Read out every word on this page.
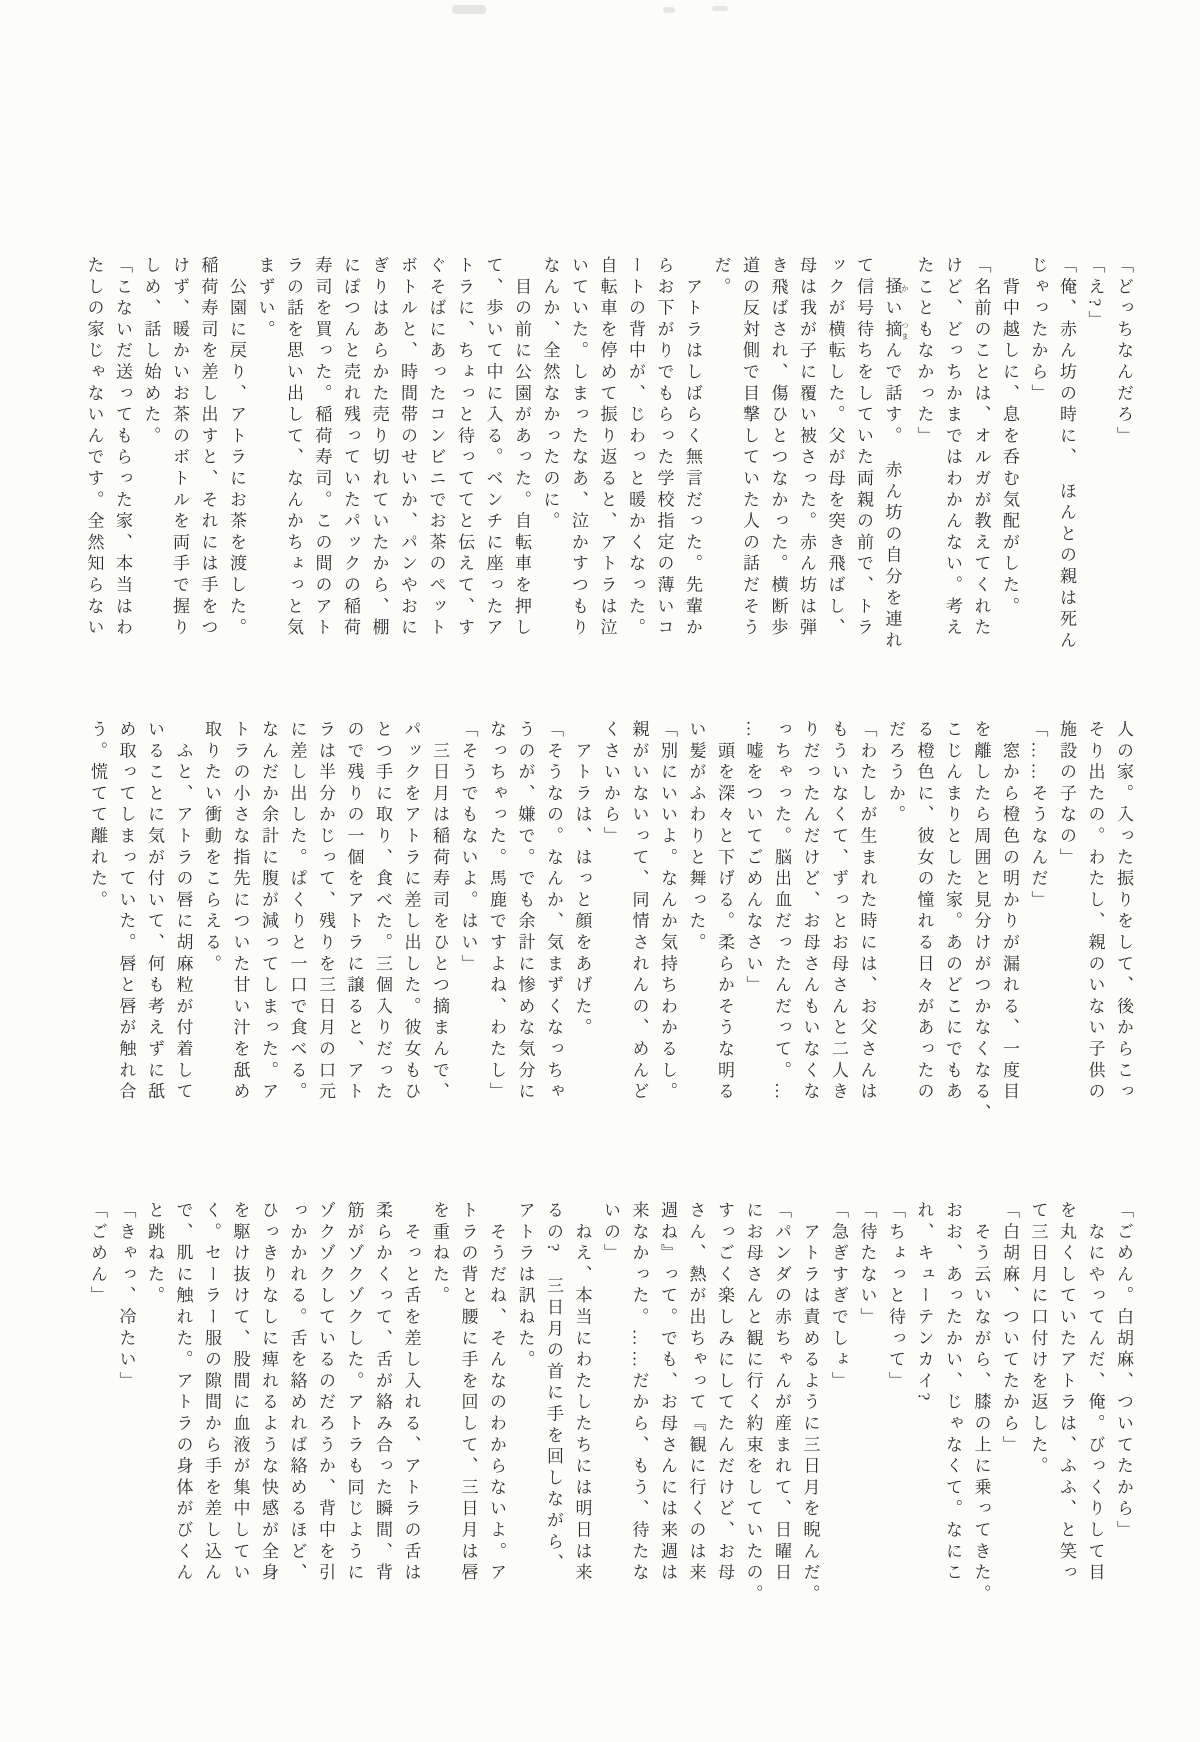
「どっちなんだろ」
「え?」
「俺、赤ん坊の時に、　ほんとの親は死ん
じゃったから」
　背中越しに、息を呑む気配がした。
「名前のことは、オルガが教えてくれた
けど、どっちかまではわかんない。考え
たこともなかった」
　掻 かい摘 つまんで話す。　赤ん坊の自分を連れ
て信号待ちをしていた両親の前で、トラ
ックが横転した。父が母を突き飛ばし、
母は我が子に覆い被さった。赤ん坊は弾
き飛ばされ、傷ひとつなかった。横断歩
道の反対側で目撃していた人の話だそう
だ。
　アトラはしばらく無言だった。先輩か
らお下がりでもらった学校指定の薄いコ
ートの背中が、じわっと暖かくなった。
自転車を停めて振り返ると、アトラは泣
いていた。しまったなあ、泣かすつもり
なんか、全然なかったのに。
　目の前に公園があった。自転車を押し
て、歩いて中に入る。ベンチに座ったア
トラに、ちょっと待っててと伝えて、す
ぐそばにあったコンビニでお茶のペット
ボトルと、時間帯のせいか、パンやおに
ぎりはあらかた売り切れていたから、棚
にぽつんと売れ残っていたパックの稲荷
寿司を買った。稲荷寿司。この間のアト
ラの話を思い出して、なんかちょっと気
まずい。
　公園に戻り、アトラにお茶を渡した。
稲荷寿司を差し出すと、それには手をつ
けず、暖かいお茶のボトルを両手で握り
しめ、話し始めた。
「こないだ送ってもらった家、本当はわ
たしの家じゃないんです。全然知らない
人の家。入った振りをして、後からこっ
そり出たの。わたし、親のいない子供の
施設の子なの」
「……そうなんだ」
　窓から橙色の明かりが漏れる、一度目
を離したら周囲と見分けがつかなくなる、
こじんまりとした家。あのどこにでもあ
る橙色に、彼女の憧れる日々があったの
だろうか。
「わたしが生まれた時には、お父さんは
もういなくて、ずっとお母さんと二人き
りだったんだけど、お母さんもいなくな
っちゃった。脳出血だったんだって。…
…嘘をついてごめんなさい」
　頭を深々と下げる。柔らかそうな明る
い髪がふわりと舞った。
「別にいいよ。なんか気持ちわかるし。
親がいないって、同情されんの、めんど
くさいから」
　アトラは、はっと顔をあげた。
「そうなの。なんか、気まずくなっちゃ
うのが、嫌で。でも余計に惨めな気分に
なっちゃった。馬鹿ですよね、わたし」
「そうでもないよ。はい」
　三日月は稲荷寿司をひとつ摘まんで、
パックをアトラに差し出した。彼女もひ
とつ手に取り、食べた。三個入りだった
ので残りの一個をアトラに譲ると、アト
ラは半分かじって、残りを三日月の口元
に差し出した。ぱくりと一口で食べる。
なんだか余計に腹が減ってしまった。ア
トラの小さな指先についた甘い汁を舐め
取りたい衝動をこらえる。
　ふと、アトラの唇に胡麻粒が付着して
いることに気が付いて、何も考えずに舐
め取ってしまっていた。唇と唇が触れ合
う。慌てて離れた。
「ごめん。白胡麻、ついてたから」
　なにやってんだ、俺。びっくりして目
を丸くしていたアトラは、ふふ、と笑っ
て三日月に口付けを返した。
「白胡麻、ついてたから」
　そう云いながら、膝の上に乗ってきた。
おお、あったかい、じゃなくて。なにこ
れ、キューテンカイ?
「ちょっと待って」
「待たない」
「急ぎすぎでしょ」
　アトラは責めるように三日月を睨んだ。
「パンダの赤ちゃんが産まれて、日曜日
にお母さんと観に行く約束をしていたの。
すっごく楽しみにしてたんだけど、お母
さん、熱が出ちゃって『観に行くのは来
週ね』って。でも、お母さんには来週は
来なかった。……だから、もう、待たな
いの」
　ねえ、本当にわたしたちには明日は来
るの?　三日月の首に手を回しながら、
アトラは訊ねた。
　そうだね、そんなのわからないよ。ア
トラの背と腰に手を回して、三日月は唇
を重ねた。
　そっと舌を差し入れる、アトラの舌は
柔らかくって、舌が絡み合った瞬間、背
筋がゾクゾクした。アトラも同じように
ゾクゾクしているのだろうか、背中を引
っかかれる。舌を絡めれば絡めるほど、
ひっきりなしに痺れるような快感が全身
を駆け抜けて、股間に血液が集中してい
く。セーラー服の隙間から手を差し込ん
で、肌に触れた。アトラの身体がびくん
と跳ねた。
「きゃっ、冷たい」
「ごめん」
